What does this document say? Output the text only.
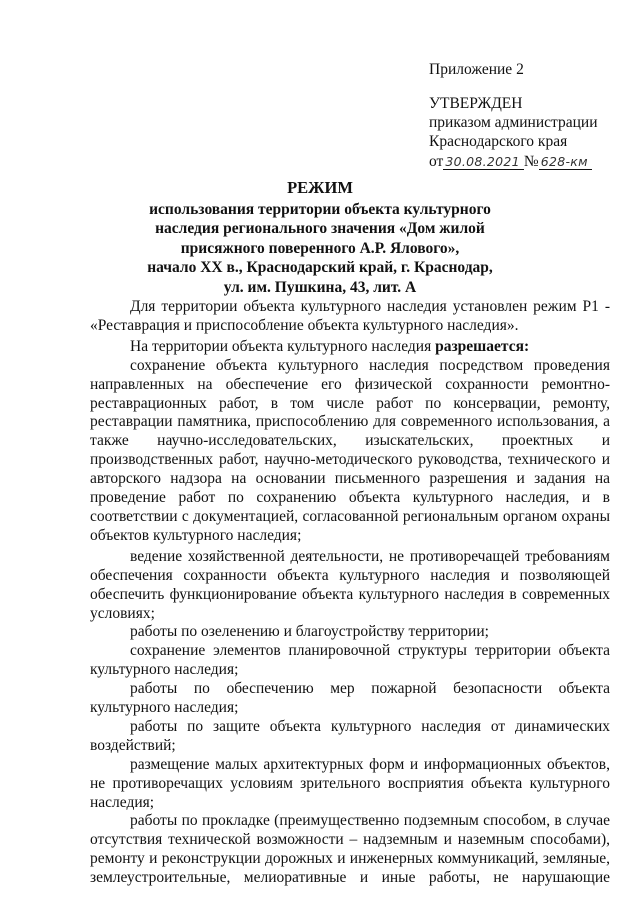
Приложение 2
УТВЕРЖДЕН
приказом администрации
Краснодарского края
от 30.08.2021 № 628-км
РЕЖИМ
использования территории объекта культурного
наследия регионального значения «Дом жилой
присяжного поверенного А.Р. Ялового»,
начало XX в., Краснодарский край, г. Краснодар,
ул. им. Пушкина, 43, лит. А

Для территории объекта культурного наследия установлен режим Р1 - «Реставрация и приспособление объекта культурного наследия».

На территории объекта культурного наследия разрешается:

сохранение объекта культурного наследия посредством проведения направленных на обеспечение его физической сохранности ремонтно-реставрационных работ, в том числе работ по консервации, ремонту, реставрации памятника, приспособлению для современного использования, а также научно-исследовательских, изыскательских, проектных и производственных работ, научно-методического руководства, технического и авторского надзора на основании письменного разрешения и задания на проведение работ по сохранению объекта культурного наследия, и в соответствии с документацией, согласованной региональным органом охраны объектов культурного наследия;

ведение хозяйственной деятельности, не противоречащей требованиям обеспечения сохранности объекта культурного наследия и позволяющей обеспечить функционирование объекта культурного наследия в современных условиях;

работы по озеленению и благоустройству территории;

сохранение элементов планировочной структуры территории объекта культурного наследия;

работы по обеспечению мер пожарной безопасности объекта культурного наследия;

работы по защите объекта культурного наследия от динамических воздействий;

размещение малых архитектурных форм и информационных объектов, не противоречащих условиям зрительного восприятия объекта культурного наследия;

работы по прокладке (преимущественно подземным способом, в случае отсутствия технической возможности – надземным и наземным способами), ремонту и реконструкции дорожных и инженерных коммуникаций, земляные, землеустроительные, мелиоративные и иные работы, не нарушающие
